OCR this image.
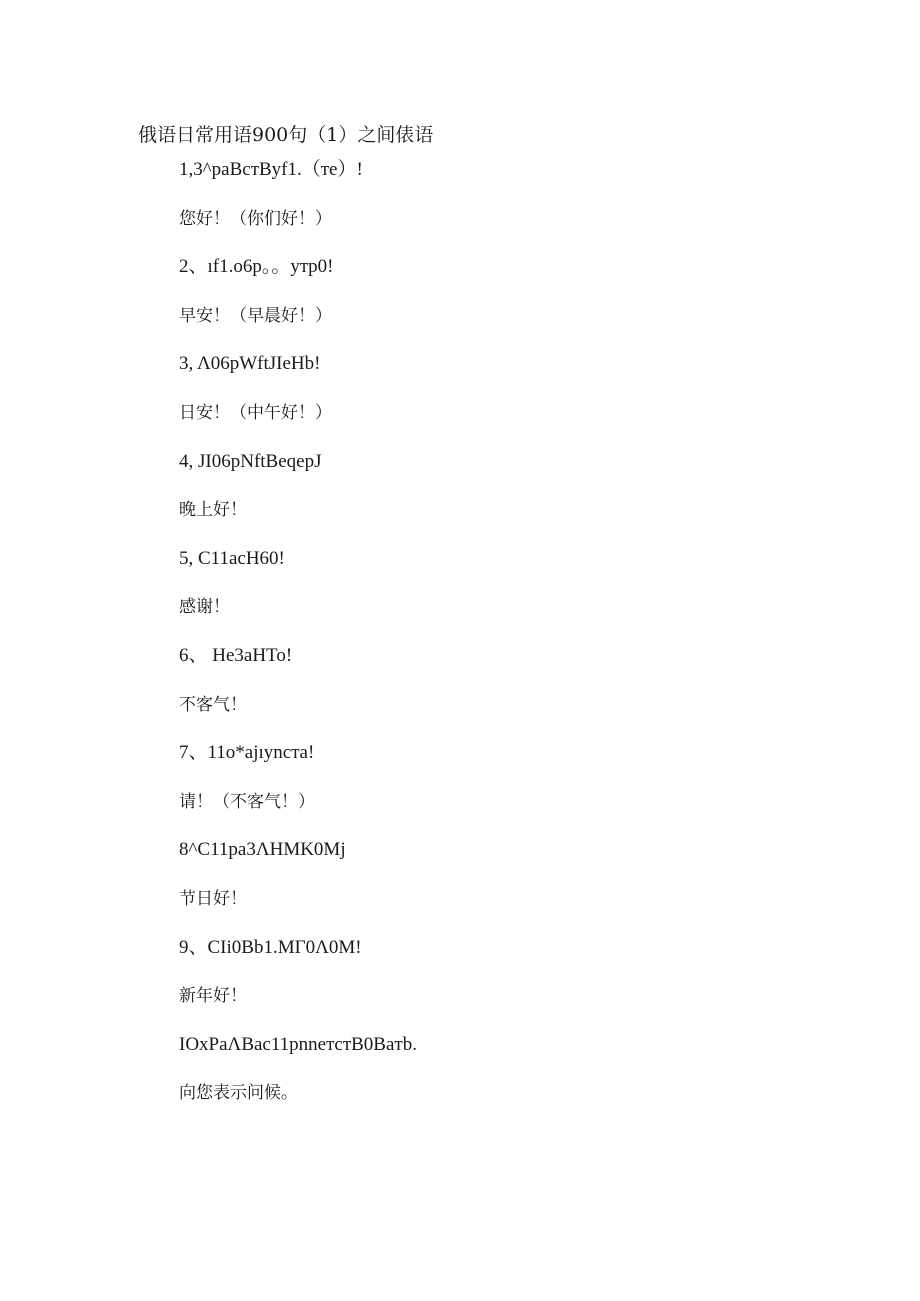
俄语日常用语900句（1）之间俵语
1,3^paBcтByf1.（тe）!
您好！（你们好！）
2、ıf1.o6p。。yтp0!
早安！（早晨好！）
3, Λ06pWftJIeHb!
日安！（中午好！）
4, JI06pNftBeqepJ
晚上好！
5, C11acH60!
感谢！
6、 He3aHTo!
不客气！
7、11o*ajıyncтa!
请！（不客气！）
8^C11pa3ΛHMK0Mj
节日好！
9、CIi0Bb1.MΓ0Λ0M!
新年好！
IOxPaΛBac11pnneтcтB0Baтb.
向您表示问候。
